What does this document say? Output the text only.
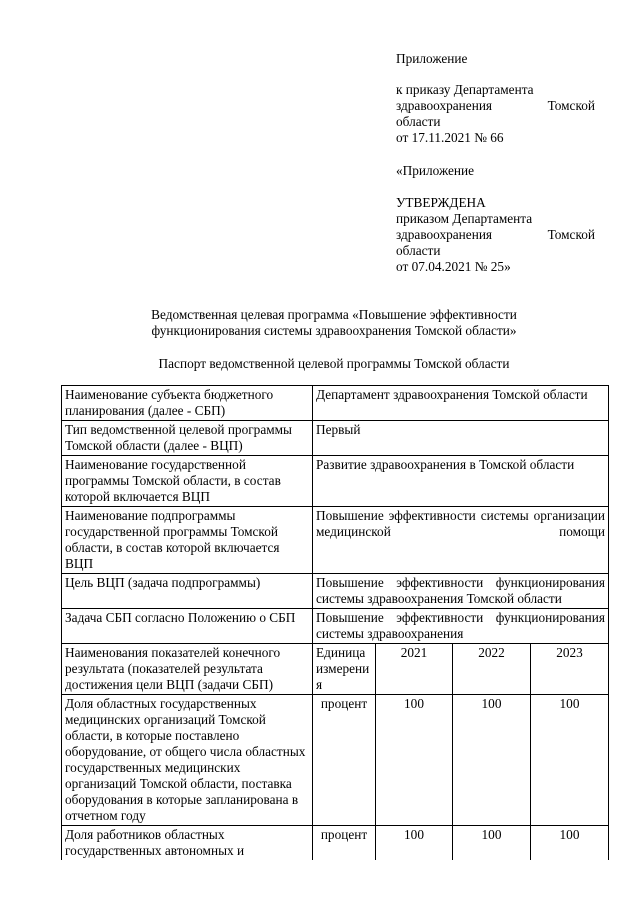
Приложение
к приказу Департамента
здравоохранения	Томской
области
от 17.11.2021 № 66
«Приложение
УТВЕРЖДЕНА
приказом Департамента
здравоохранения	Томской
области
от 07.04.2021 № 25»
Ведомственная целевая программа «Повышение эффективности функционирования системы здравоохранения Томской области»
Паспорт ведомственной целевой программы Томской области
Наименование субъекта бюджетного планирования (далее - СБП)	Департамент здравоохранения Томской области			
Тип ведомственной целевой программы Томской области (далее - ВЦП)	Первый			
Наименование государственной программы Томской области, в состав которой включается ВЦП	Развитие здравоохранения в Томской области			
Наименование подпрограммы государственной программы Томской области, в состав которой включается ВЦП	Повышение эффективности системы организации медицинской помощи			
Цель ВЦП (задача подпрограммы)	Повышение эффективности функционирования системы здравоохранения Томской области			
Задача СБП согласно Положению о СБП	Повышение эффективности функционирования системы здравоохранения			
Наименования показателей конечного результата (показателей результата достижения цели ВЦП (задачи СБП)	Единица измерения	2021	2022	2023
Доля областных государственных медицинских организаций Томской области, в которые поставлено оборудование, от общего числа областных государственных медицинских организаций Томской области, поставка оборудования в которые запланирована в отчетном году	процент	100	100	100
Доля работников областных государственных автономных и	процент	100	100	100
